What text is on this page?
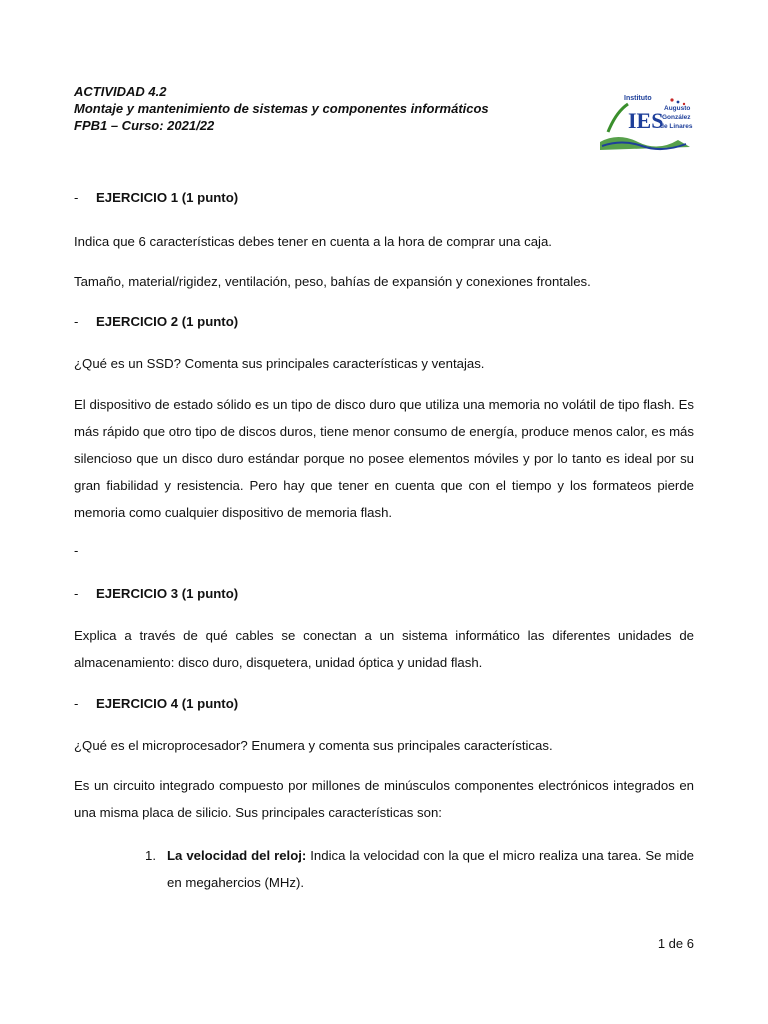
ACTIVIDAD 4.2
Montaje y mantenimiento de sistemas y componentes informáticos
FPB1 – Curso: 2021/22	IES
Instituto
Augusto
González
de Linares
- EJERCICIO 1 (1 punto)
Indica que 6 características debes tener en cuenta a la hora de comprar una caja.
Tamaño, material/rigidez, ventilación, peso, bahías de expansión y conexiones frontales.
- EJERCICIO 2 (1 punto)
¿Qué es un SSD? Comenta sus principales características y ventajas.
El dispositivo de estado sólido es un tipo de disco duro que utiliza una memoria no volátil de tipo flash. Es más rápido que otro tipo de discos duros, tiene menor consumo de energía, produce menos calor, es más silencioso que un disco duro estándar porque no posee elementos móviles y por lo tanto es ideal por su gran fiabilidad y resistencia. Pero hay que tener en cuenta que con el tiempo y los formateos pierde memoria como cualquier dispositivo de memoria flash.
-
- EJERCICIO 3 (1 punto)
Explica a través de qué cables se conectan a un sistema informático las diferentes unidades de almacenamiento: disco duro, disquetera, unidad óptica y unidad flash.
- EJERCICIO 4 (1 punto)
¿Qué es el microprocesador? Enumera y comenta sus principales características.
Es un circuito integrado compuesto por millones de minúsculos componentes electrónicos integrados en una misma placa de silicio. Sus principales características son:
1. La velocidad del reloj: Indica la velocidad con la que el micro realiza una tarea. Se mide en megahercios (MHz).
1 de 6
